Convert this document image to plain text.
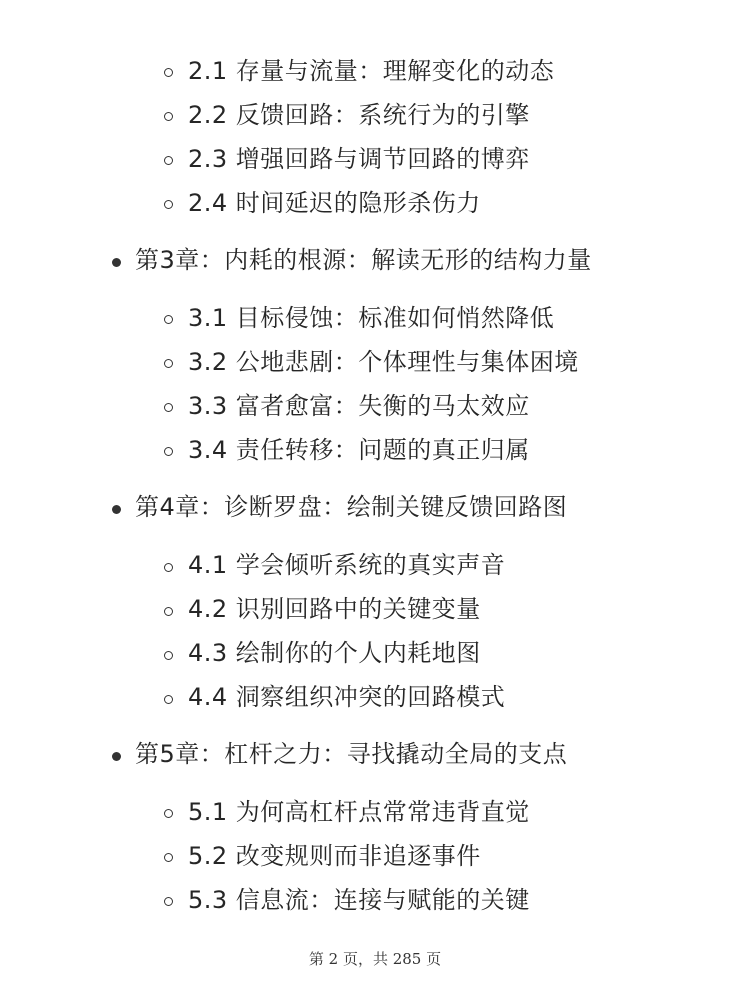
2.1 存量与流量：理解变化的动态
2.2 反馈回路：系统行为的引擎
2.3 增强回路与调节回路的博弈
2.4 时间延迟的隐形杀伤力
第3章：内耗的根源：解读无形的结构力量
3.1 目标侵蚀：标准如何悄然降低
3.2 公地悲剧：个体理性与集体困境
3.3 富者愈富：失衡的马太效应
3.4 责任转移：问题的真正归属
第4章：诊断罗盘：绘制关键反馈回路图
4.1 学会倾听系统的真实声音
4.2 识别回路中的关键变量
4.3 绘制你的个人内耗地图
4.4 洞察组织冲突的回路模式
第5章：杠杆之力：寻找撬动全局的支点
5.1 为何高杠杆点常常违背直觉
5.2 改变规则而非追逐事件
5.3 信息流：连接与赋能的关键
第 2 页，共 285 页
